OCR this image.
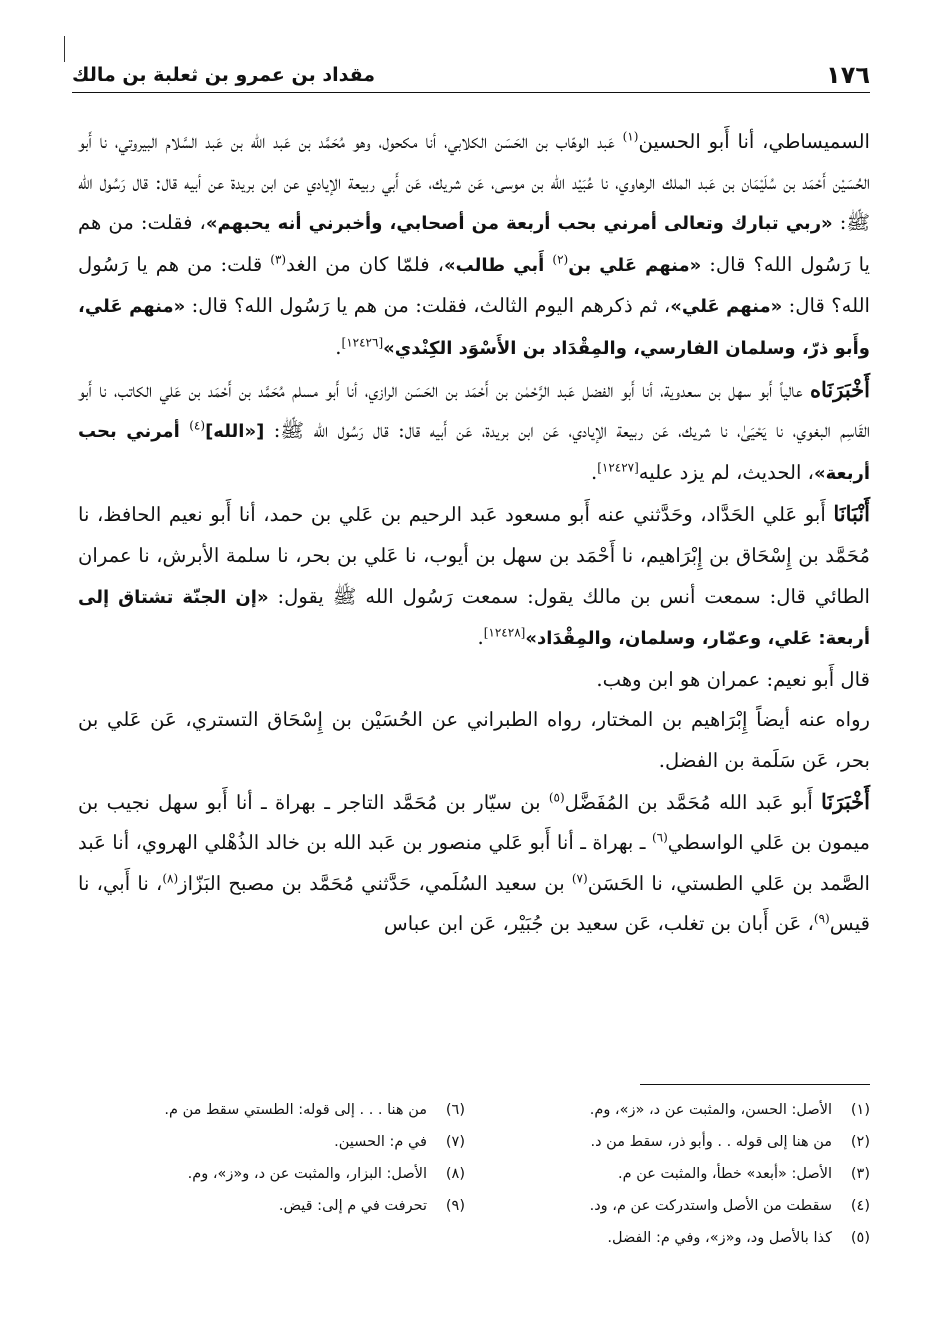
١٧٦
مقداد بن عمرو بن ثعلبة بن مالك

السميساطي، أنا أَبو الحسين$^{(١)}$ عَبد الوهّاب بن الحَسَن الكلابي، أنا مكحول، وهو مُحَمَّد بن عَبد الله بن عَبد السَّلام البيروتي، نا أَبو الحُسَيْن أَحْمَد بن سُلَيْمَان بن عَبد الملك الرهاوي، نا عُبَيْد الله بن موسى، عَن شريك، عَن أَبي ربيعة الإيادي عن ابن بريدة عن أبيه قال: قال رَسُول الله ﷺ: «ربي تبارك وتعالى أمرني بحب أربعة من أصحابي، وأخبرني أنه يحبهم»، فقلت: من هم يا رَسُول الله؟ قال: «منهم عَلي بن$^{(٢)}$ أَبي طالب»، فلمّا كان من الغد$^{(٣)}$ قلت: من هم يا رَسُول الله؟ قال: «منهم عَلي»، ثم ذكرهم اليوم الثالث، فقلت: من هم يا رَسُول الله؟ قال: «منهم عَلي، وأَبو ذرّ، وسلمان الفارسي، والمِقْدَاد بن الأَسْوَد الكِنْدي»[١٢٤٢٦].

أَخْبَرَنَاه عالياً أَبو سهل بن سعدوية، أنا أَبو الفضل عَبد الرَّحْمٰن بن أَحْمَد بن الحَسَن الرازي، أنا أَبو مسلم مُحَمَّد بن أَحْمَد بن عَلي الكاتب، نا أَبو القَاسِم البغوي، نا يَحْيَىٰ، نا شريك، عَن ربيعة الإيادي، عَن ابن بريدة، عَن أَبيه قال: قال رَسُول الله ﷺ: [«الله]$^{(٤)}$ أمرني بحب أربعة»، الحديث، لم يزد عليه[١٢٤٢٧].

أَنْبَانَا أَبو عَلي الحَدَّاد، وحَدَّثني عنه أَبو مسعود عَبد الرحيم بن عَلي بن حمد، أنا أَبو نعيم الحافظ، نا مُحَمَّد بن إِسْحَاق بن إِبْرَاهيم، نا أَحْمَد بن سهل بن أيوب، نا عَلي بن بحر، نا سلمة الأبرش، نا عمران الطائي قال: سمعت أنس بن مالك يقول: سمعت رَسُول الله ﷺ يقول: «إن الجنّة تشتاق إلى أربعة: عَلي، وعمّار، وسلمان، والمِقْدَاد»[١٢٤٢٨].

قال أَبو نعيم: عمران هو ابن وهب.

رواه عنه أيضاً إِبْرَاهيم بن المختار، رواه الطبراني عن الحُسَيْن بن إِسْحَاق التستري، عَن عَلي بن بحر، عَن سَلَمة بن الفضل.

أَخْبَرَنَا أَبو عَبد الله مُحَمَّد بن المُفَضَّل$^{(٥)}$ بن سيّار بن مُحَمَّد التاجر ـ بهراة ـ أنا أَبو سهل نجيب بن ميمون بن عَلي الواسطي$^{(٦)}$ ـ بهراة ـ أنا أَبو عَلي منصور بن عَبد الله بن خالد الذُهْلي الهروي، أنا عَبد الصَّمد بن عَلي الطستي، نا الحَسَن$^{(٧)}$ بن سعيد السُلَمي، حَدَّثني مُحَمَّد بن مصبح البَزّاز$^{(٨)}$، نا أَبي، نا قيس$^{(٩)}$، عَن أَبان بن تغلب، عَن سعيد بن جُبَيْر، عَن ابن عباس

(١)
الأصل: الحسن، والمثبت عن د، «ز»، وم.
(٢)
من هنا إلى قوله . . وأبو ذر، سقط من د.
(٣)
الأصل: «أبعد» خطأ، والمثبت عن م.
(٤)
سقطت من الأصل واستدركت عن م، ود.
(٥)
كذا بالأصل ود، و«ز»، وفي م: الفضل.
(٦)
من هنا . . . إلى قوله: الطستي سقط من م.
(٧)
في م: الحسين.
(٨)
الأصل: البزار، والمثبت عن د، و«ز»، وم.
(٩)
تحرفت في م إلى: قيض.
